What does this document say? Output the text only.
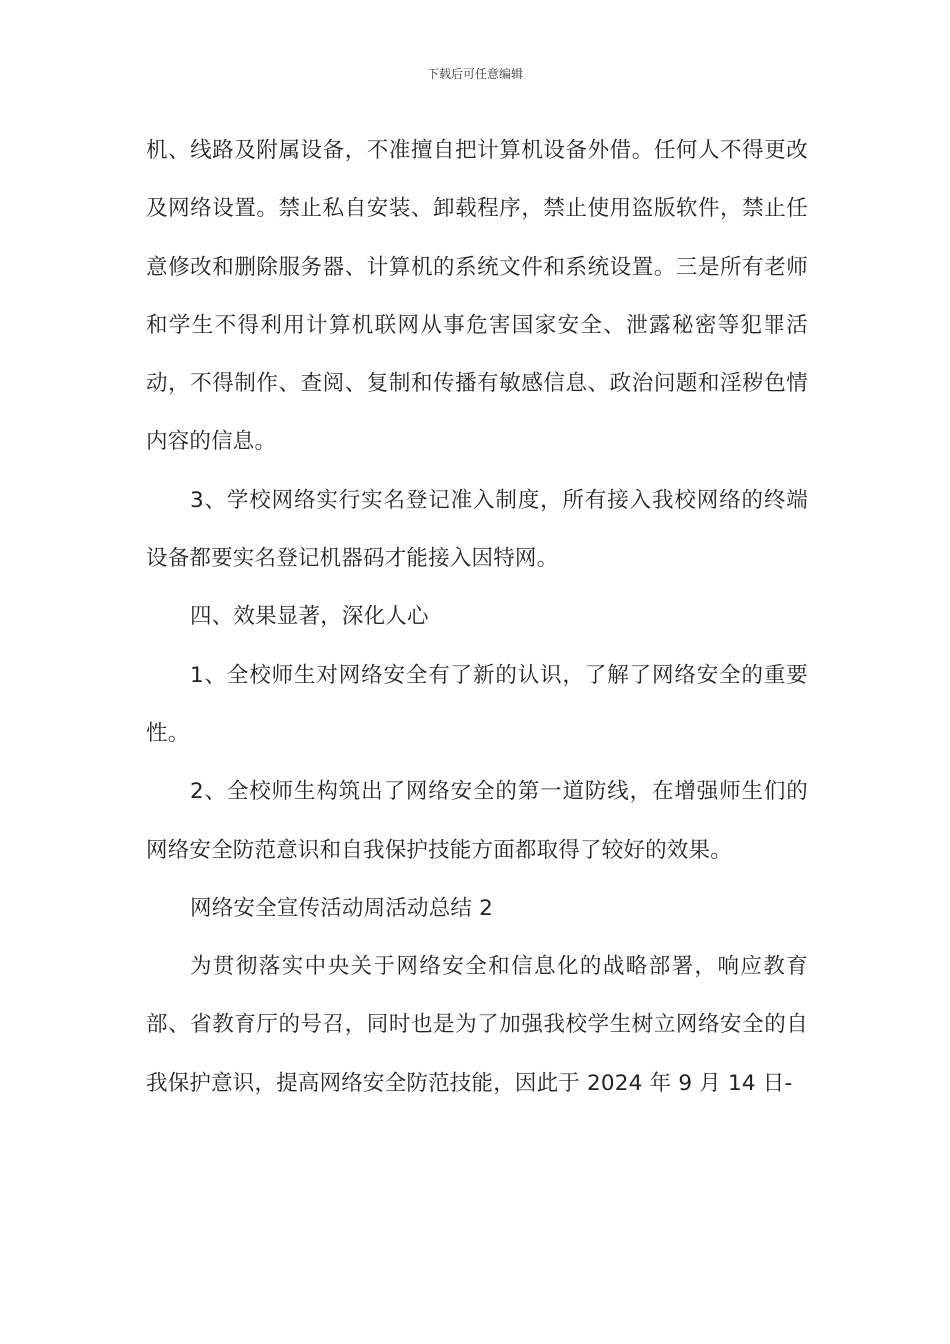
下载后可任意编辑

机、线路及附属设备，不准擅自把计算机设备外借。任何人不得更改及网络设置。禁止私自安装、卸载程序，禁止使用盗版软件，禁止任意修改和删除服务器、计算机的系统文件和系统设置。三是所有老师和学生不得利用计算机联网从事危害国家安全、泄露秘密等犯罪活动，不得制作、查阅、复制和传播有敏感信息、政治问题和淫秽色情内容的信息。

3、学校网络实行实名登记准入制度，所有接入我校网络的终端设备都要实名登记机器码才能接入因特网。

四、效果显著，深化人心

1、全校师生对网络安全有了新的认识，了解了网络安全的重要性。

2、全校师生构筑出了网络安全的第一道防线，在增强师生们的网络安全防范意识和自我保护技能方面都取得了较好的效果。

网络安全宣传活动周活动总结 2

为贯彻落实中央关于网络安全和信息化的战略部署，响应教育部、省教育厅的号召，同时也是为了加强我校学生树立网络安全的自我保护意识，提高网络安全防范技能，因此于 2024 年 9 月 14 日-
